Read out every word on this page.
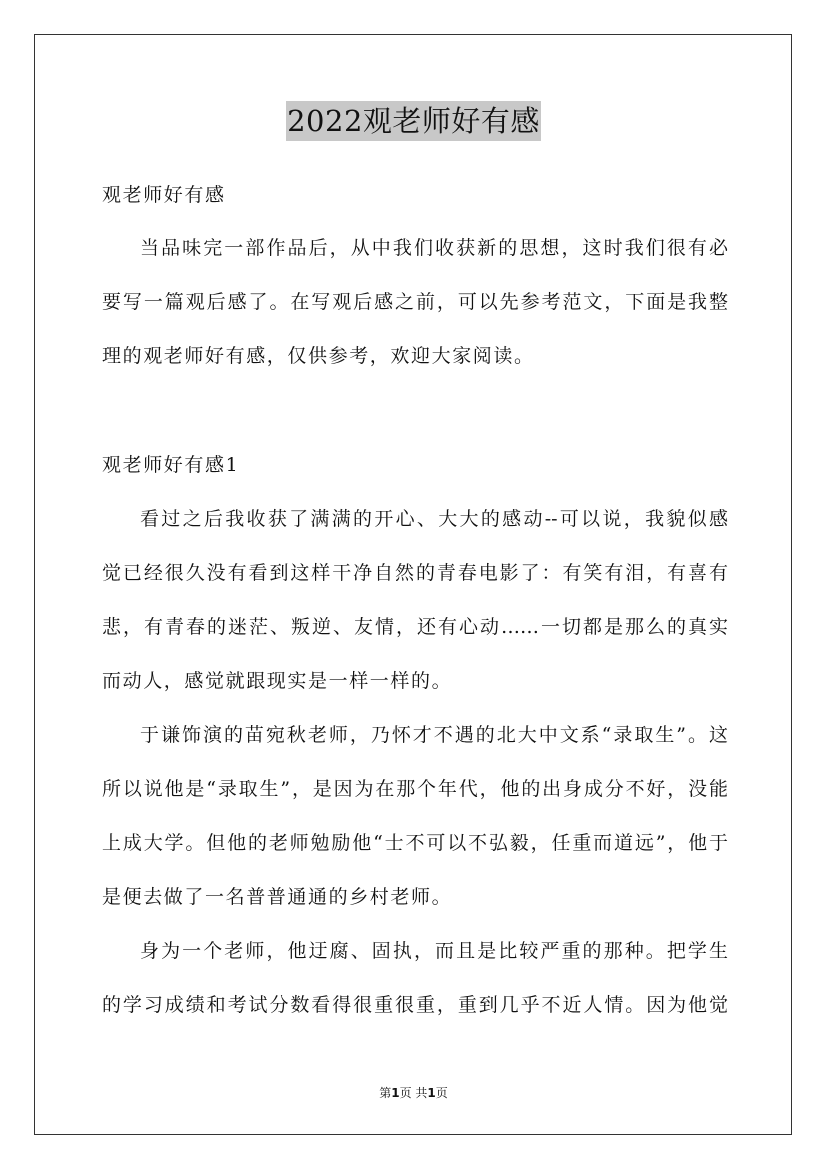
2022观老师好有感
观老师好有感
当品味完一部作品后，从中我们收获新的思想，这时我们很有必
要写一篇观后感了。在写观后感之前，可以先参考范文，下面是我整
理的观老师好有感，仅供参考，欢迎大家阅读。
观老师好有感1
看过之后我收获了满满的开心、大大的感动--可以说，我貌似感
觉已经很久没有看到这样干净自然的青春电影了：有笑有泪，有喜有
悲，有青春的迷茫、叛逆、友情，还有心动……一切都是那么的真实
而动人，感觉就跟现实是一样一样的。
于谦饰演的苗宛秋老师，乃怀才不遇的北大中文系“录取生”。这
所以说他是“录取生”，是因为在那个年代，他的出身成分不好，没能
上成大学。但他的老师勉励他“士不可以不弘毅，任重而道远”，他于
是便去做了一名普普通通的乡村老师。
身为一个老师，他迂腐、固执，而且是比较严重的那种。把学生
的学习成绩和考试分数看得很重很重，重到几乎不近人情。因为他觉
第1页 共1页
